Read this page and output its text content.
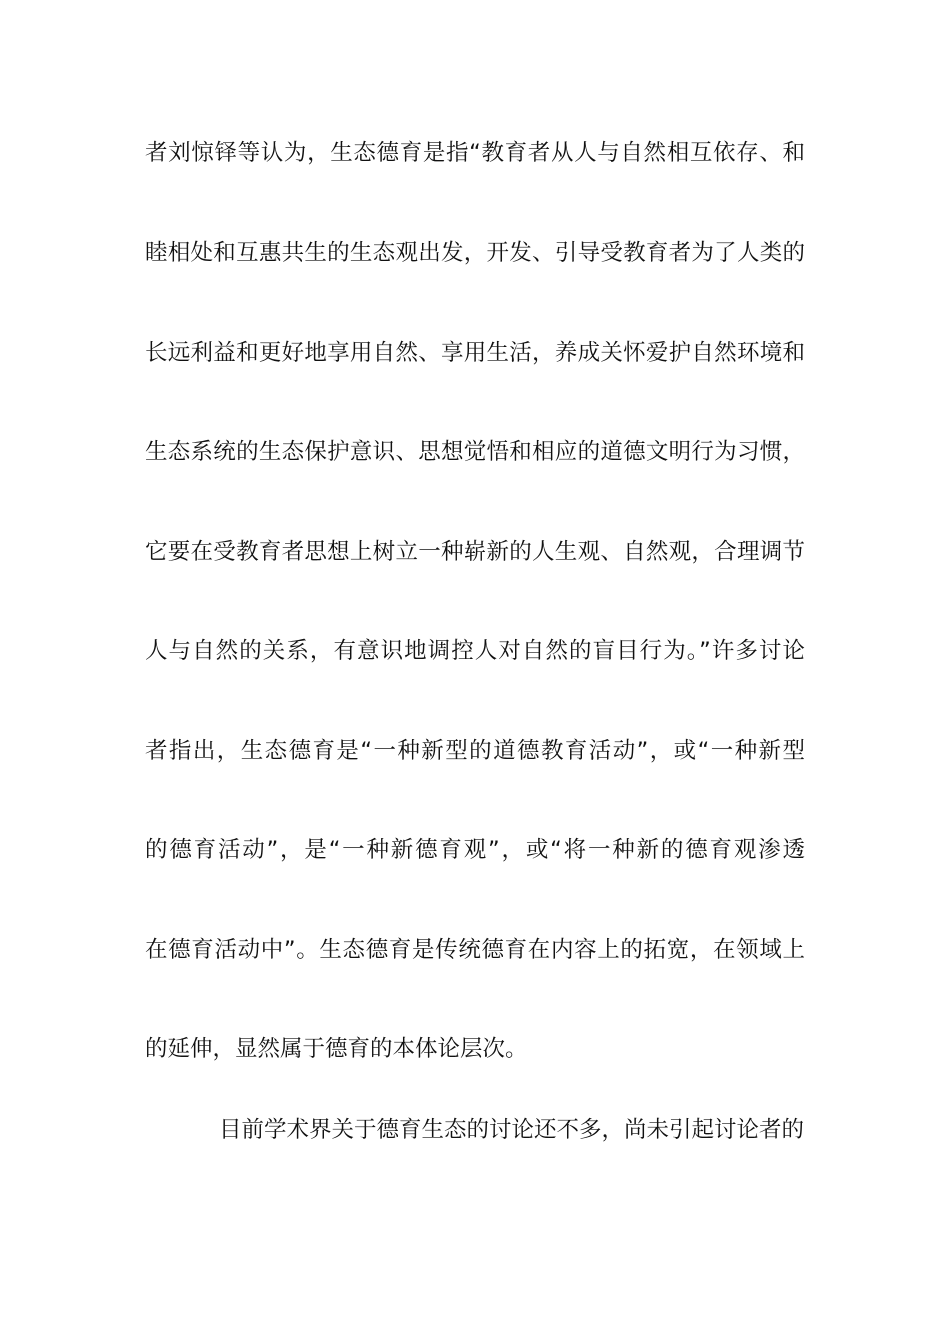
者刘惊铎等认为，生态德育是指“教育者从人与自然相互依存、和
睦相处和互惠共生的生态观出发，开发、引导受教育者为了人类的
长远利益和更好地享用自然、享用生活，养成关怀爱护自然环境和
生态系统的生态保护意识、思想觉悟和相应的道德文明行为习惯，
它要在受教育者思想上树立一种崭新的人生观、自然观，合理调节
人与自然的关系，有意识地调控人对自然的盲目行为。”许多讨论
者指出，生态德育是“一种新型的道德教育活动”，或“一种新型
的德育活动”，是“一种新德育观”，或“将一种新的德育观渗透
在德育活动中”。生态德育是传统德育在内容上的拓宽，在领域上
的延伸，显然属于德育的本体论层次。
目前学术界关于德育生态的讨论还不多，尚未引起讨论者的
